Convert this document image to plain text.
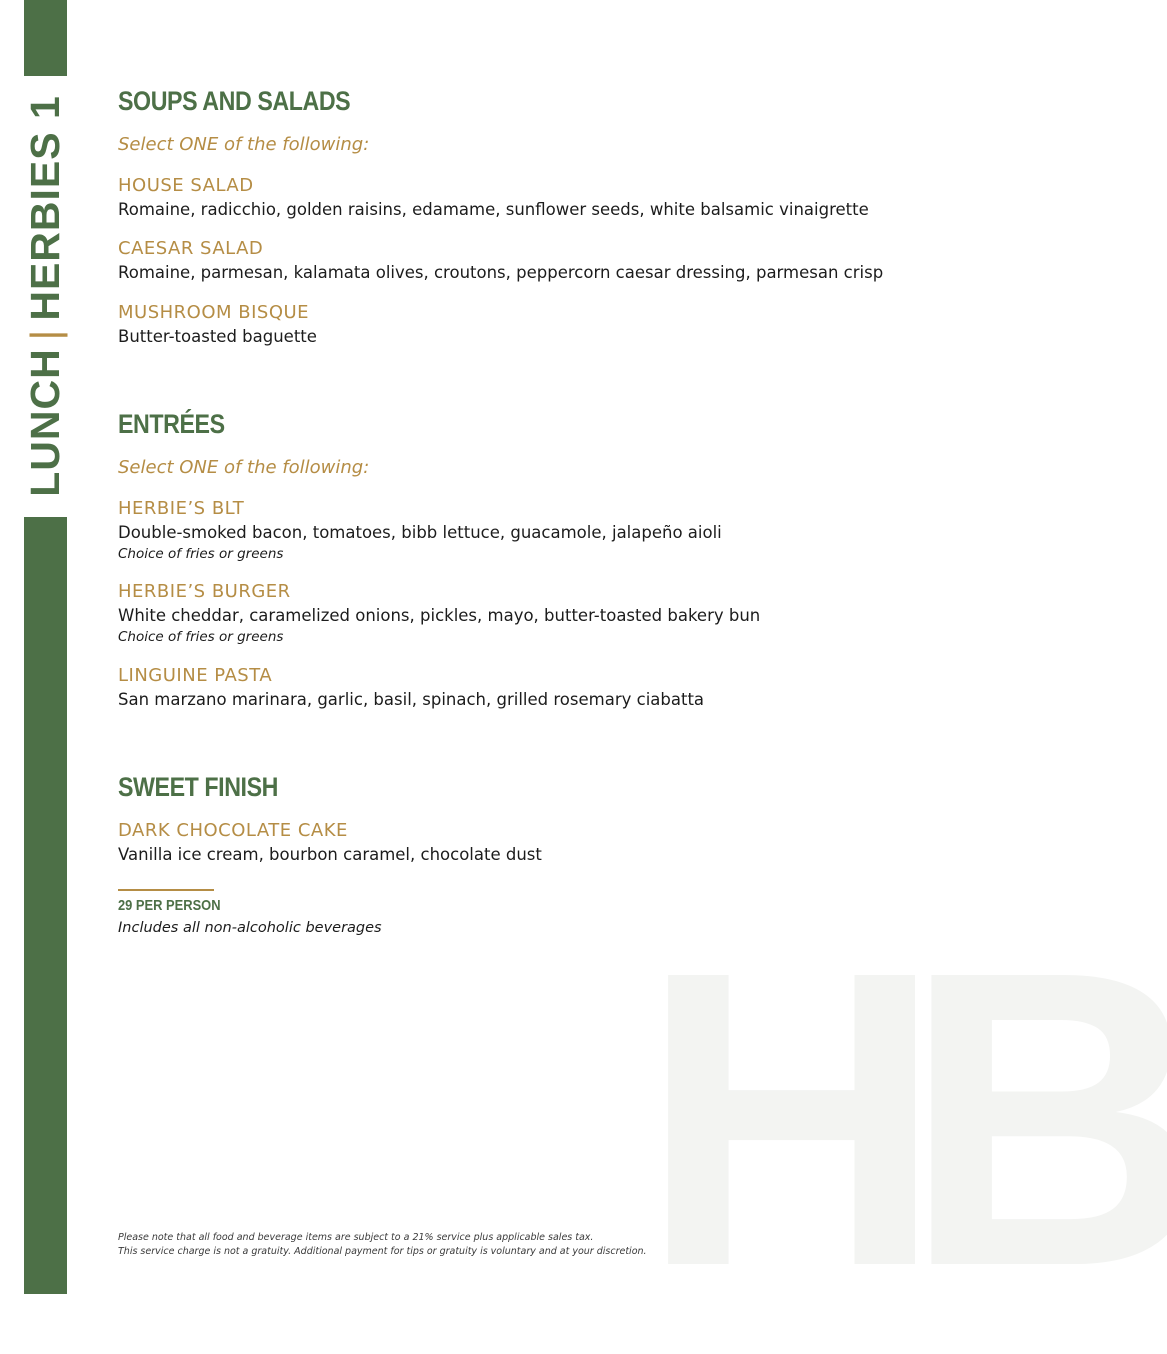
LUNCH
|
HERBIES 1
HB
SOUPS AND SALADS
Select ONE of the following:
HOUSE SALAD
Romaine, radicchio, golden raisins, edamame, sunflower seeds, white balsamic vinaigrette
CAESAR SALAD
Romaine, parmesan, kalamata olives, croutons, peppercorn caesar dressing, parmesan crisp
MUSHROOM BISQUE
Butter-toasted baguette
ENTRÉES
Select ONE of the following:
HERBIE’S BLT
Double-smoked bacon, tomatoes, bibb lettuce, guacamole, jalapeño aioli
Choice of fries or greens
HERBIE’S BURGER
White cheddar, caramelized onions, pickles, mayo, butter-toasted bakery bun
Choice of fries or greens
LINGUINE PASTA
San marzano marinara, garlic, basil, spinach, grilled rosemary ciabatta
SWEET FINISH
DARK CHOCOLATE CAKE
Vanilla ice cream, bourbon caramel, chocolate dust
29 PER PERSON
Includes all non-alcoholic beverages
Please note that all food and beverage items are subject to a 21% service plus applicable sales tax.
This service charge is not a gratuity. Additional payment for tips or gratuity is voluntary and at your discretion.
